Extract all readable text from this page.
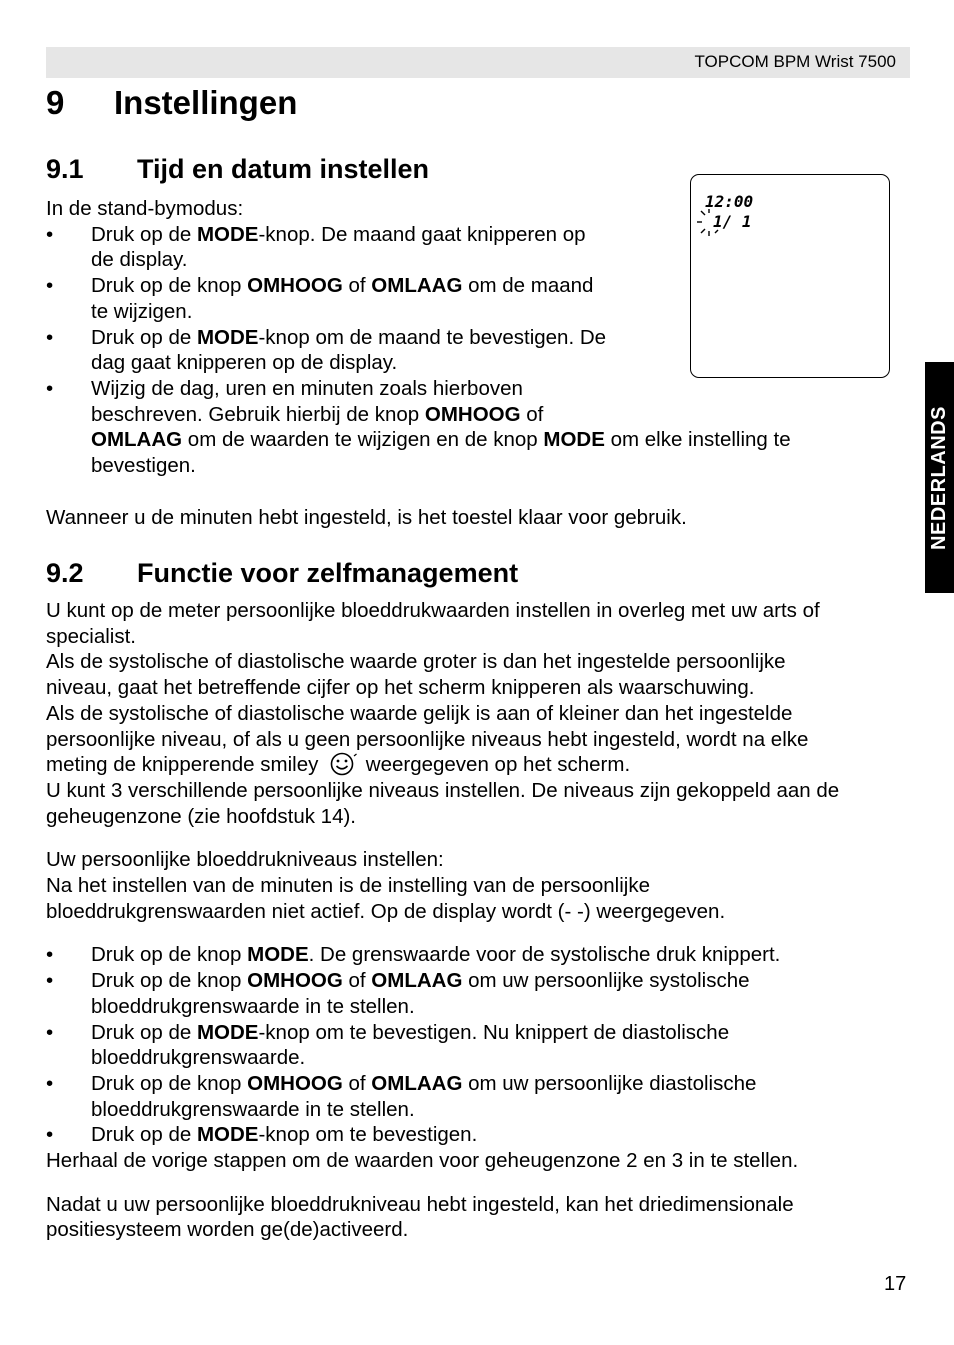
TOPCOM BPM Wrist 7500
9 Instellingen
9.1 Tijd en datum instellen

In de stand-bymodus:

• Druk op de MODE-knop. De maand gaat knipperen op
de display.
• Druk op de knop OMHOOG of OMLAAG om de maand
te wijzigen.
• Druk op de MODE-knop om de maand te bevestigen. De
dag gaat knipperen op de display.
• Wijzig de dag, uren en minuten zoals hierboven
beschreven. Gebruik hierbij de knop OMHOOG of
OMLAAG om de waarden te wijzigen en de knop MODE om elke instelling te
bevestigen.

Wanneer u de minuten hebt ingesteld, is het toestel klaar voor gebruik.

12:00
1/ 1
NEDERLANDS
9.2 Functie voor zelfmanagement

U kunt op de meter persoonlijke bloeddrukwaarden instellen in overleg met uw arts of
specialist.
Als de systolische of diastolische waarde groter is dan het ingestelde persoonlijke
niveau, gaat het betreffende cijfer op het scherm knipperen als waarschuwing.
Als de systolische of diastolische waarde gelijk is aan of kleiner dan het ingestelde
persoonlijke niveau, of als u geen persoonlijke niveaus hebt ingesteld, wordt na elke
meting de knipperende smiley weergegeven op het scherm.
U kunt 3 verschillende persoonlijke niveaus instellen. De niveaus zijn gekoppeld aan de
geheugenzone (zie hoofdstuk 14).

Uw persoonlijke bloeddrukniveaus instellen:
Na het instellen van de minuten is de instelling van de persoonlijke
bloeddrukgrenswaarden niet actief. Op de display wordt (- -) weergegeven.

• Druk op de knop MODE. De grenswaarde voor de systolische druk knippert.
• Druk op de knop OMHOOG of OMLAAG om uw persoonlijke systolische
bloeddrukgrenswaarde in te stellen.
• Druk op de MODE-knop om te bevestigen. Nu knippert de diastolische
bloeddrukgrenswaarde.
• Druk op de knop OMHOOG of OMLAAG om uw persoonlijke diastolische
bloeddrukgrenswaarde in te stellen.
• Druk op de MODE-knop om te bevestigen.

Herhaal de vorige stappen om de waarden voor geheugenzone 2 en 3 in te stellen.

Nadat u uw persoonlijke bloeddrukniveau hebt ingesteld, kan het driedimensionale
positiesysteem worden ge(de)activeerd.

17
